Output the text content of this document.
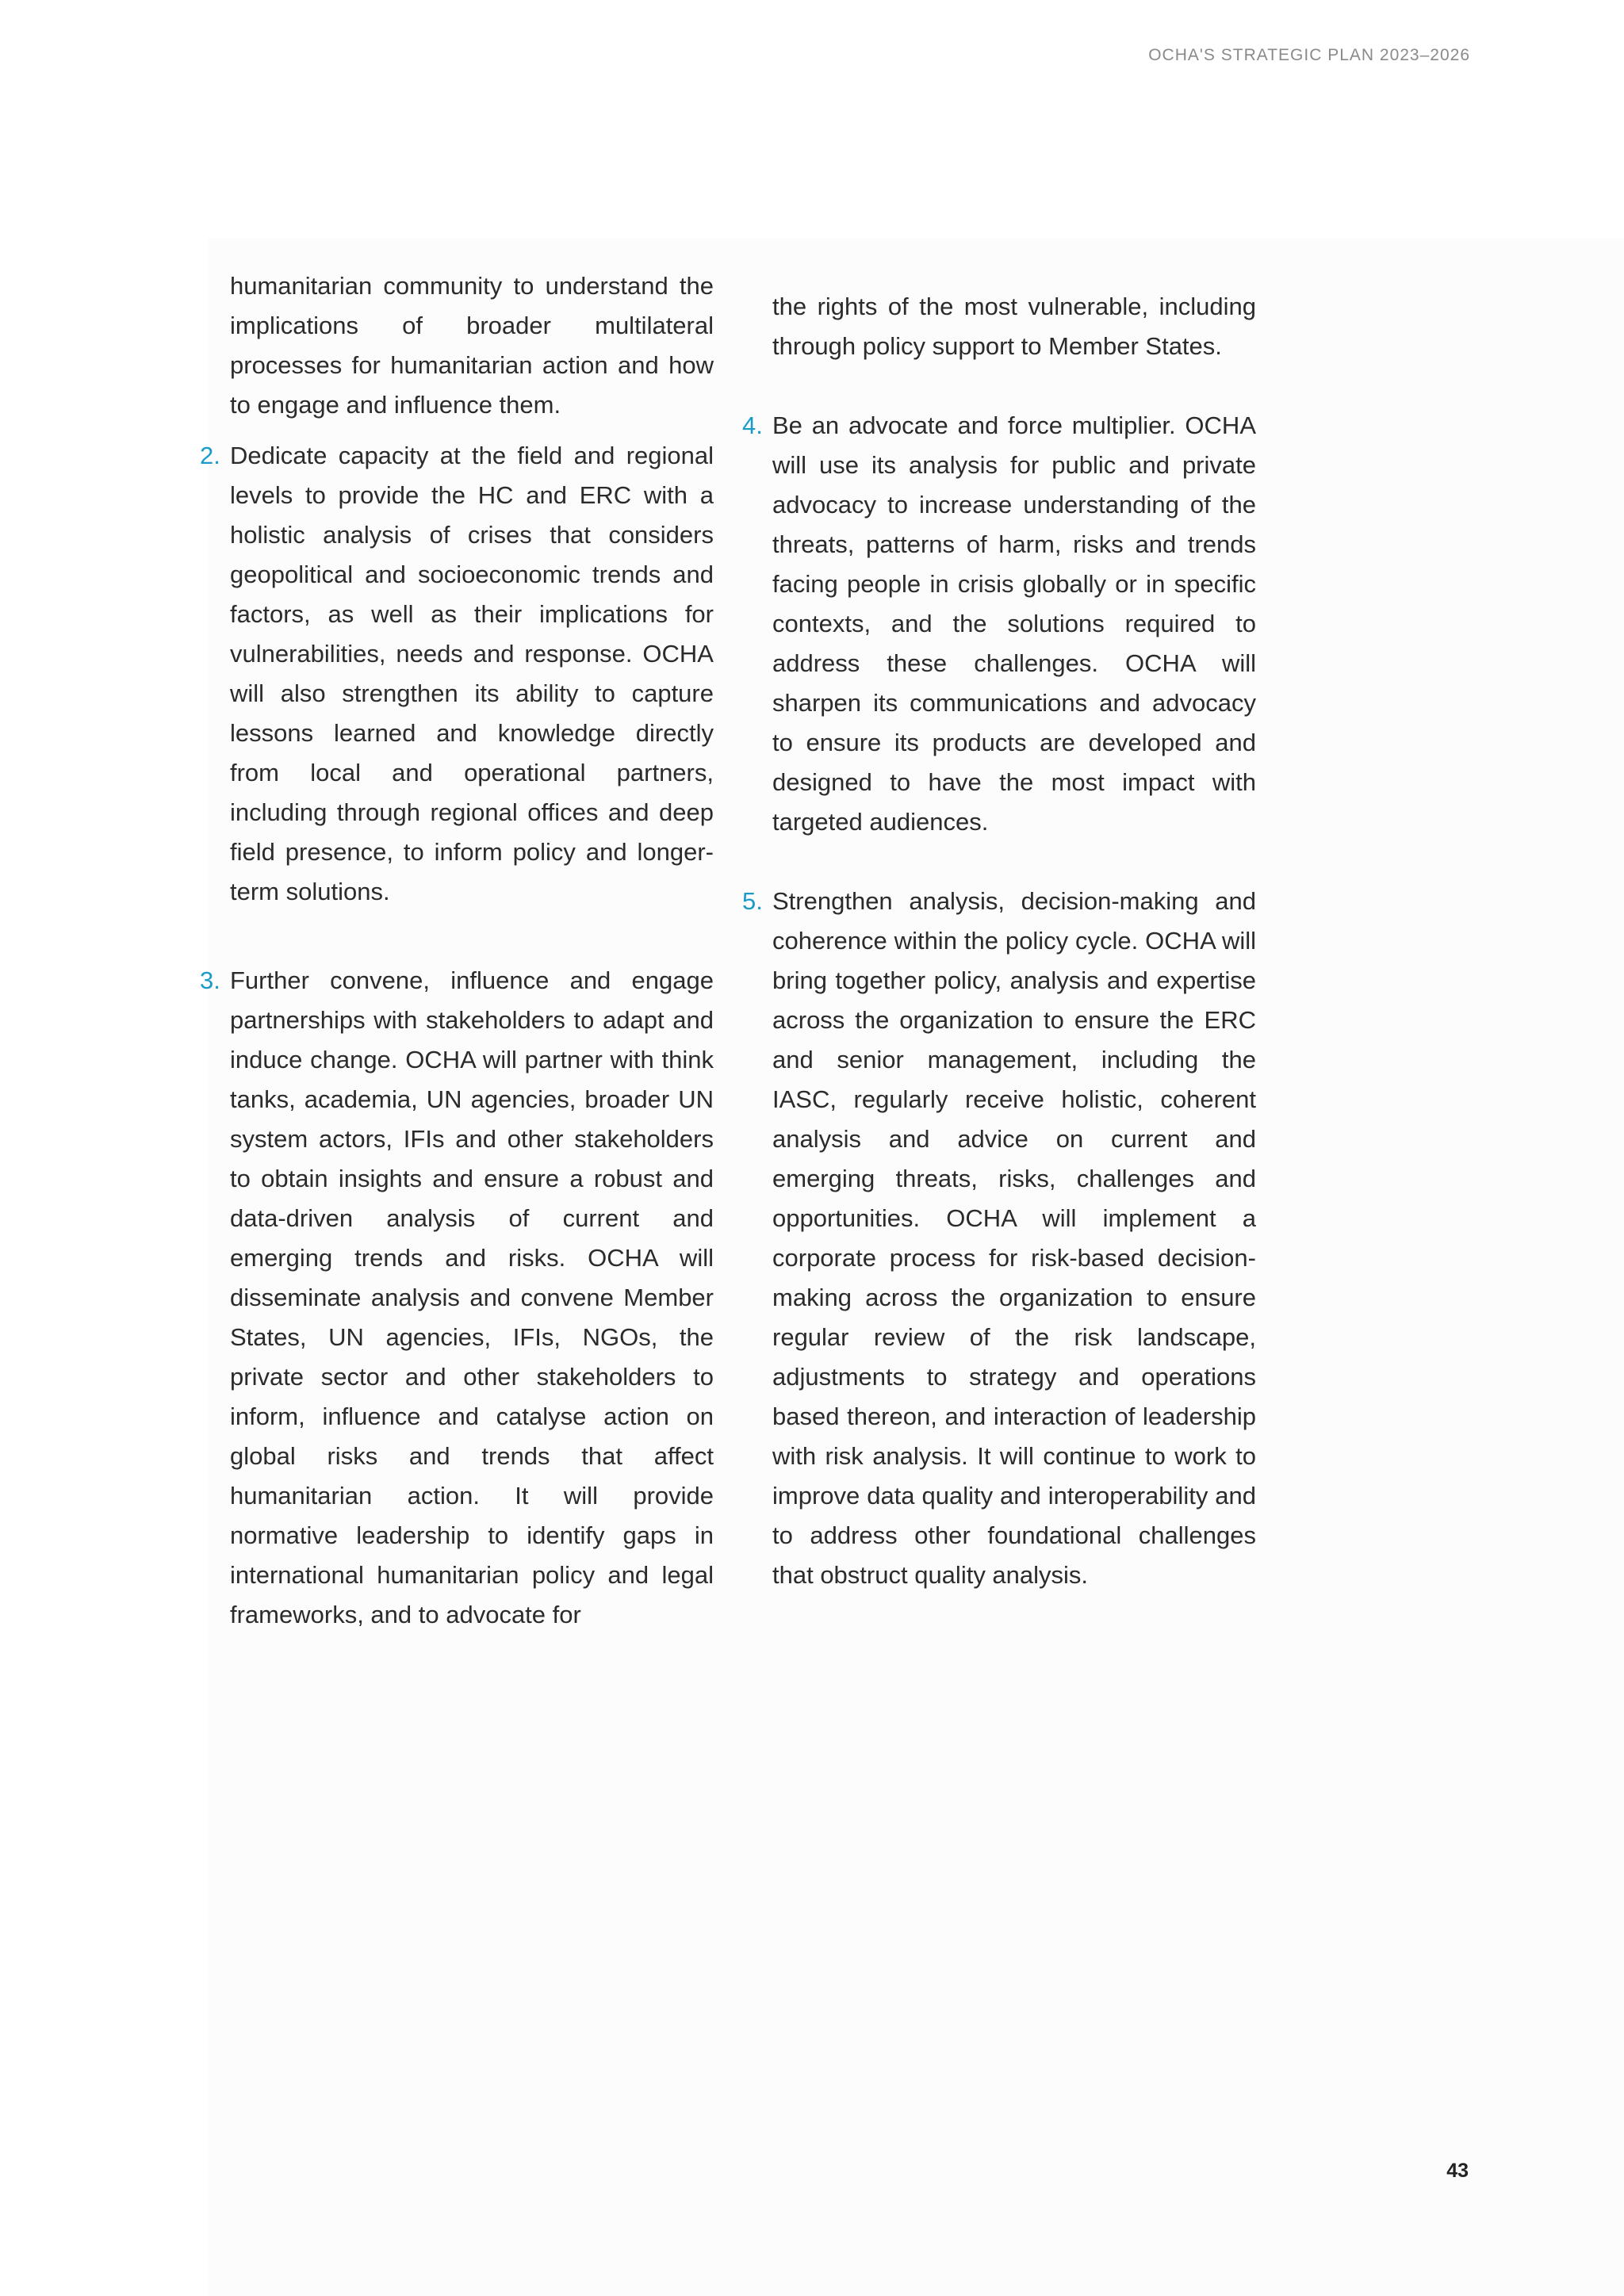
OCHA'S STRATEGIC PLAN 2023–2026

humanitarian community to understand the implications of broader multilateral processes for humanitarian action and how to engage and influence them.

2. Dedicate capacity at the field and regional levels to provide the HC and ERC with a holistic analysis of crises that considers geopolitical and socioeconomic trends and factors, as well as their implications for vulnerabilities, needs and response. OCHA will also strengthen its ability to capture lessons learned and knowledge directly from local and operational partners, including through regional offices and deep field presence, to inform policy and longer-term solutions.
3. Further convene, influence and engage partnerships with stakeholders to adapt and induce change. OCHA will partner with think tanks, academia, UN agencies, broader UN system actors, IFIs and other stakeholders to obtain insights and ensure a robust and data-driven analysis of current and emerging trends and risks. OCHA will disseminate analysis and convene Member States, UN agencies, IFIs, NGOs, the private sector and other stakeholders to inform, influence and catalyse action on global risks and trends that affect humanitarian action. It will provide normative leadership to identify gaps in international humanitarian policy and legal frameworks, and to advocate for

the rights of the most vulnerable, including through policy support to Member States.

4. Be an advocate and force multiplier. OCHA will use its analysis for public and private advocacy to increase understanding of the threats, patterns of harm, risks and trends facing people in crisis globally or in specific contexts, and the solutions required to address these challenges. OCHA will sharpen its communications and advocacy to ensure its products are developed and designed to have the most impact with targeted audiences.
5. Strengthen analysis, decision-making and coherence within the policy cycle. OCHA will bring together policy, analysis and expertise across the organization to ensure the ERC and senior management, including the IASC, regularly receive holistic, coherent analysis and advice on current and emerging threats, risks, challenges and opportunities. OCHA will implement a corporate process for risk-based decision-making across the organization to ensure regular review of the risk landscape, adjustments to strategy and operations based thereon, and interaction of leadership with risk analysis. It will continue to work to improve data quality and interoperability and to address other foundational challenges that obstruct quality analysis.
43
